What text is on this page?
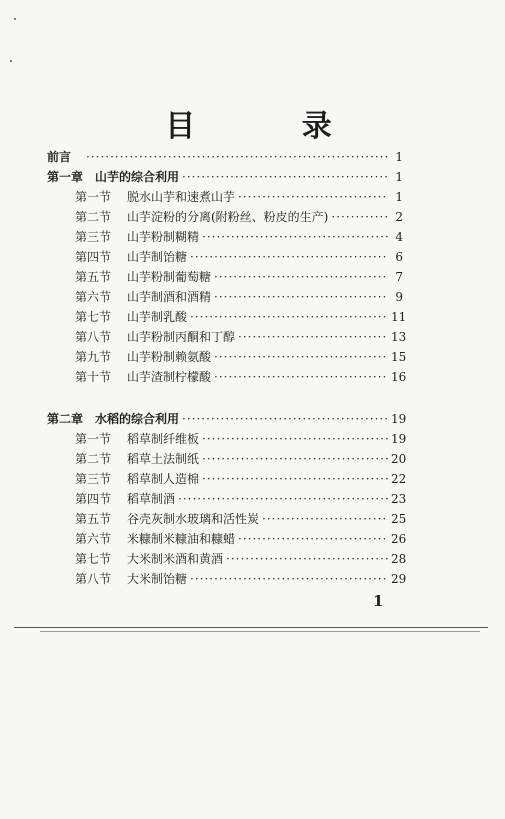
目 录
前言 ·····	1
第一章 山芋的综合利用 ·····	1
第一节	脱水山芋和速煮山芋 ·····	1
第二节	山芋淀粉的分离(附粉丝、粉皮的生产) ·····	2
第三节	山芋粉制糊精 ·····	4
第四节	山芋制饴糖 ·····	6
第五节	山芋粉制葡萄糖 ·····	7
第六节	山芋制酒和酒精 ·····	9
第七节	山芋制乳酸 ·····	11
第八节	山芋粉制丙酮和丁醇 ·····	13
第九节	山芋粉制赖氨酸 ·····	15
第十节	山芋渣制柠檬酸 ·····	16
第二章 水稻的综合利用 ·····	19
第一节	稻草制纤维板 ·····	19
第二节	稻草土法制纸 ·····	20
第三节	稻草制人造棉 ·····	22
第四节	稻草制酒 ·····	23
第五节	谷壳灰制水玻璃和活性炭 ·····	25
第六节	米糠制米糠油和糠蜡 ·····	26
第七节	大米制米酒和黄酒 ·····	28
第八节	大米制饴糖 ·····	29
1
